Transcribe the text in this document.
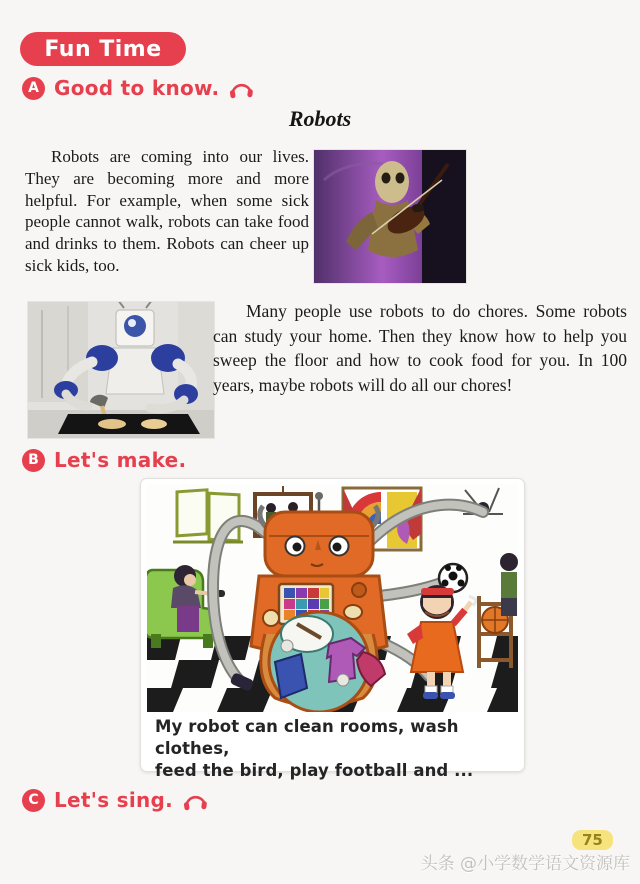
Fun Time
A Good to know.
Robots
Robots are coming into our lives. They are becoming more and more helpful. For example, when some sick people cannot walk, robots can take food and drinks to them. Robots can cheer up sick kids, too.
Many people use robots to do chores. Some robots can study your home. Then they know how to help you sweep the floor and how to cook food for you. In 100 years, maybe robots will do all our chores!
B Let's make.
My robot can clean rooms, wash clothes,
feed the bird, play football and ...
C Let's sing.
75
头条 @小学数学语文资源库
